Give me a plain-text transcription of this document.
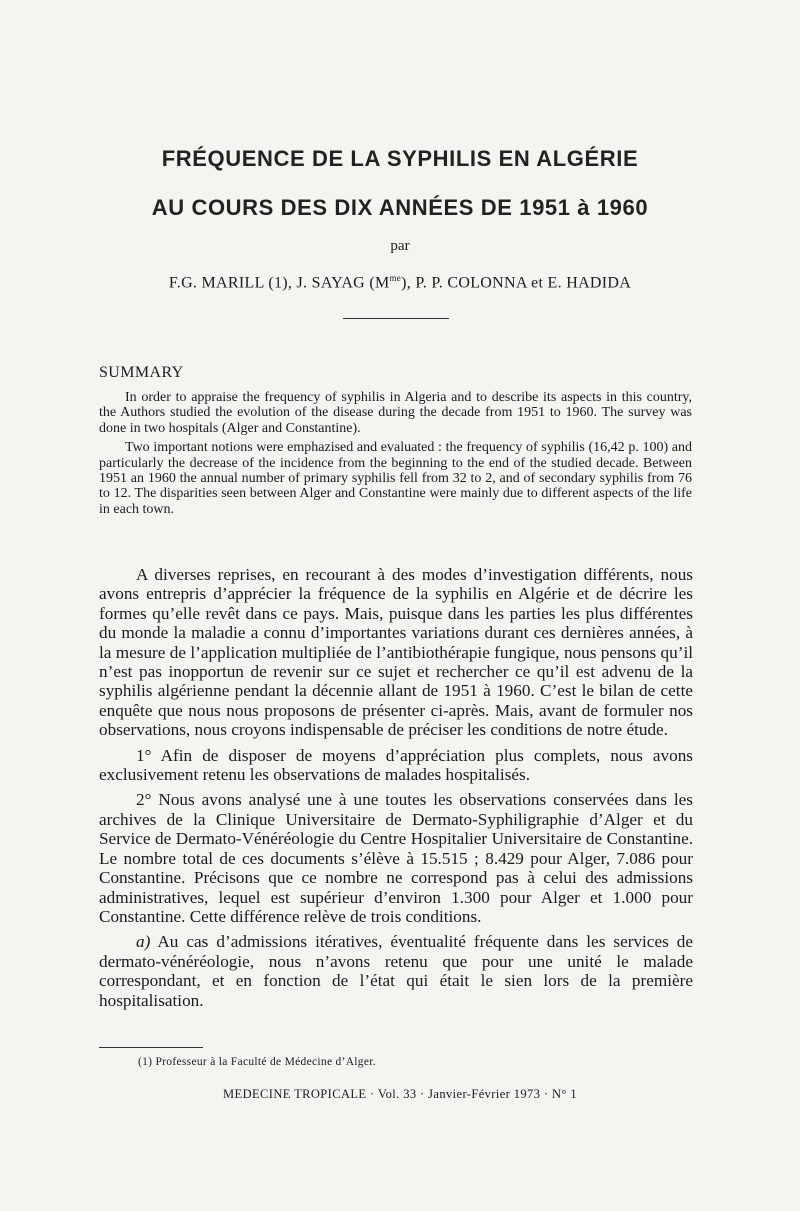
FRÉQUENCE DE LA SYPHILIS EN ALGÉRIE
AU COURS DES DIX ANNÉES DE 1951 à 1960
par
F.G. MARILL (1), J. SAYAG $(M^{me})$, P. P. COLONNA et E. HADIDA
SUMMARY

In order to appraise the frequency of syphilis in Algeria and to describe its aspects in this country, the Authors studied the evolution of the disease during the decade from 1951 to 1960. The survey was done in two hospitals (Alger and Constantine).

Two important notions were emphazised and evaluated : the frequency of syphilis (16,42 p. 100) and particularly the decrease of the incidence from the beginning to the end of the studied decade. Between 1951 an 1960 the annual number of primary syphilis fell from 32 to 2, and of secondary syphilis from 76 to 12. The disparities seen between Alger and Constantine were mainly due to different aspects of the life in each town.

A diverses reprises, en recourant à des modes d’investigation différents, nous avons entrepris d’apprécier la fréquence de la syphilis en Algérie et de décrire les formes qu’elle revêt dans ce pays. Mais, puisque dans les parties les plus différentes du monde la maladie a connu d’importantes variations durant ces dernières années, à la mesure de l’application multipliée de l’antibiothérapie fungique, nous pensons qu’il n’est pas inopportun de revenir sur ce sujet et rechercher ce qu’il est advenu de la syphilis algérienne pendant la décennie allant de 1951 à 1960. C’est le bilan de cette enquête que nous nous proposons de présenter ci-après. Mais, avant de formuler nos observations, nous croyons indispensable de préciser les conditions de notre étude.

1° Afin de disposer de moyens d’appréciation plus complets, nous avons exclusivement retenu les observations de malades hospitalisés.

2° Nous avons analysé une à une toutes les observations conservées dans les archives de la Clinique Universitaire de Dermato-Syphiligraphie d’Alger et du Service de Dermato-Vénéréologie du Centre Hospitalier Universitaire de Constantine. Le nombre total de ces documents s’élève à 15.515 ; 8.429 pour Alger, 7.086 pour Constantine. Précisons que ce nombre ne correspond pas à celui des admissions administratives, lequel est supérieur d’environ 1.300 pour Alger et 1.000 pour Constantine. Cette différence relève de trois conditions.

a) Au cas d’admissions itératives, éventualité fréquente dans les services de dermato-vénéréologie, nous n’avons retenu que pour une unité le malade correspondant, et en fonction de l’état qui était le sien lors de la première hospitalisation.

(1) Professeur à la Faculté de Médecine d’Alger.
MEDECINE TROPICALE · Vol. 33 · Janvier-Février 1973 · N° 1
